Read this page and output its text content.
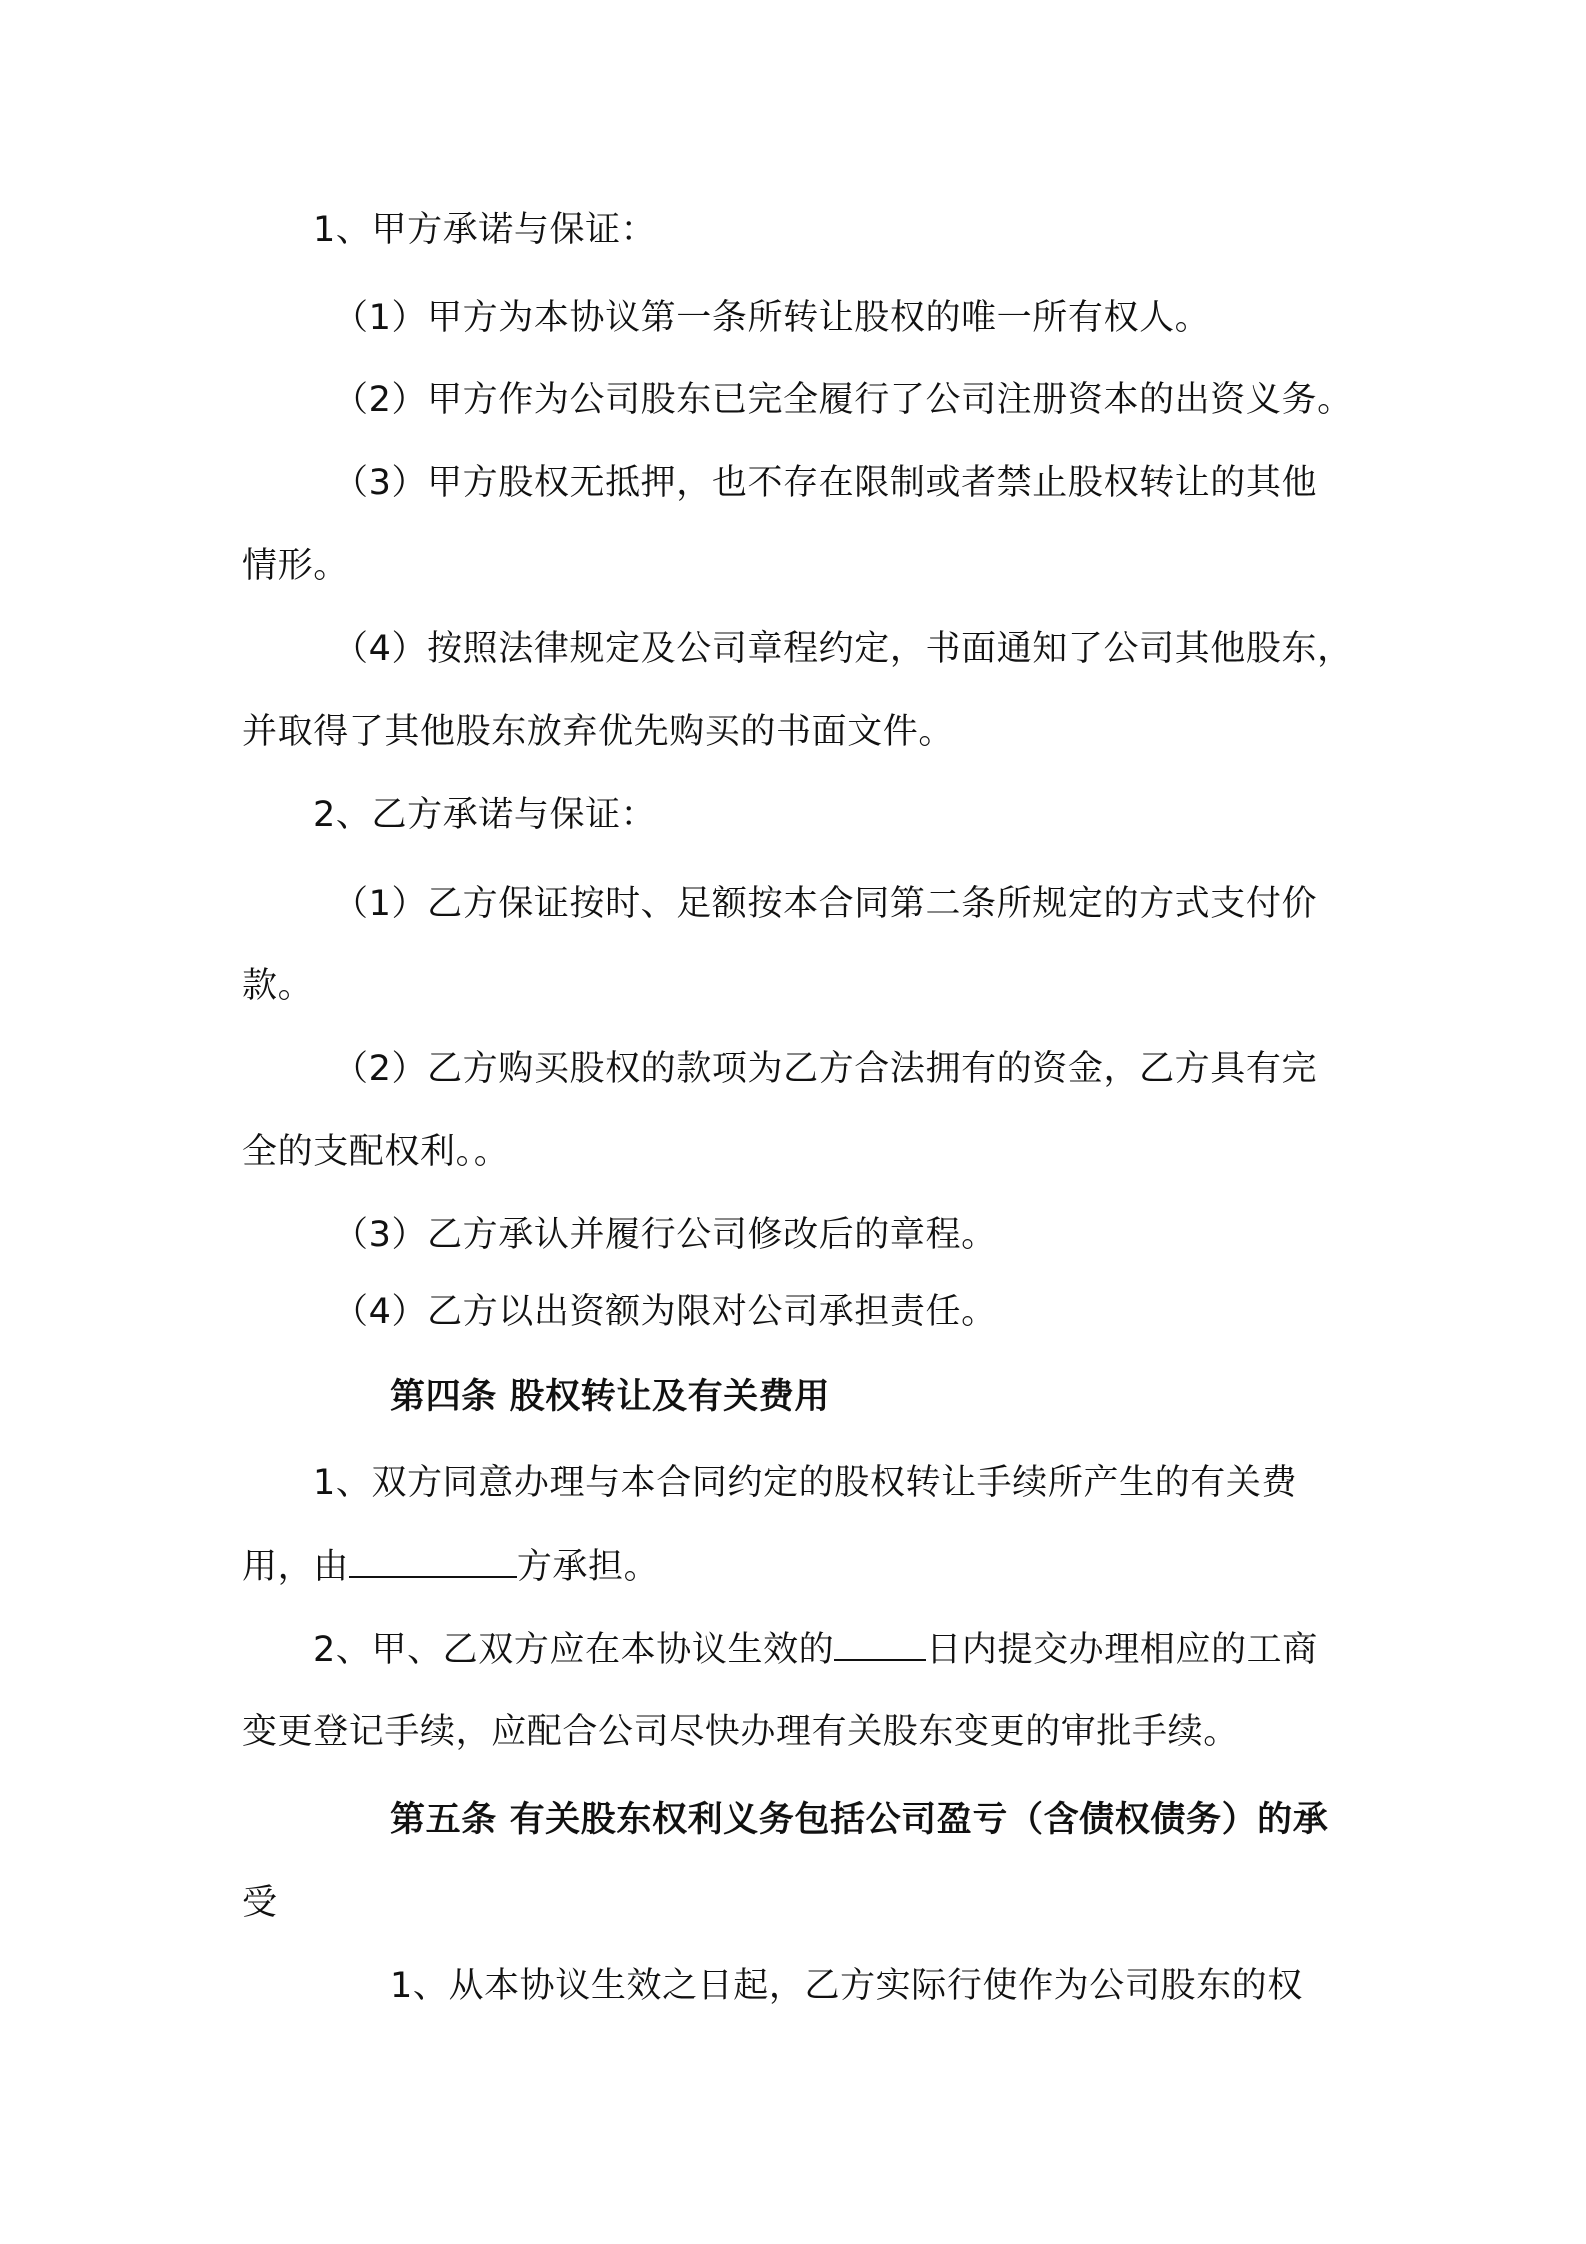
1、甲方承诺与保证：

（1）甲方为本协议第一条所转让股权的唯一所有权人。

（2）甲方作为公司股东已完全履行了公司注册资本的出资义务。

（3）甲方股权无抵押，也不存在限制或者禁止股权转让的其他

情形。

（4）按照法律规定及公司章程约定，书面通知了公司其他股东，

并取得了其他股东放弃优先购买的书面文件。

2、乙方承诺与保证：

（1）乙方保证按时、足额按本合同第二条所规定的方式支付价

款。

（2）乙方购买股权的款项为乙方合法拥有的资金，乙方具有完

全的支配权利。。

（3）乙方承认并履行公司修改后的章程。

（4）乙方以出资额为限对公司承担责任。

第四条 股权转让及有关费用

1、双方同意办理与本合同约定的股权转让手续所产生的有关费

用，由	方承担。

2、甲、乙双方应在本协议生效的	日内提交办理相应的工商

变更登记手续，应配合公司尽快办理有关股东变更的审批手续。

第五条 有关股东权利义务包括公司盈亏（含债权债务）的承

受

1、从本协议生效之日起，乙方实际行使作为公司股东的权
